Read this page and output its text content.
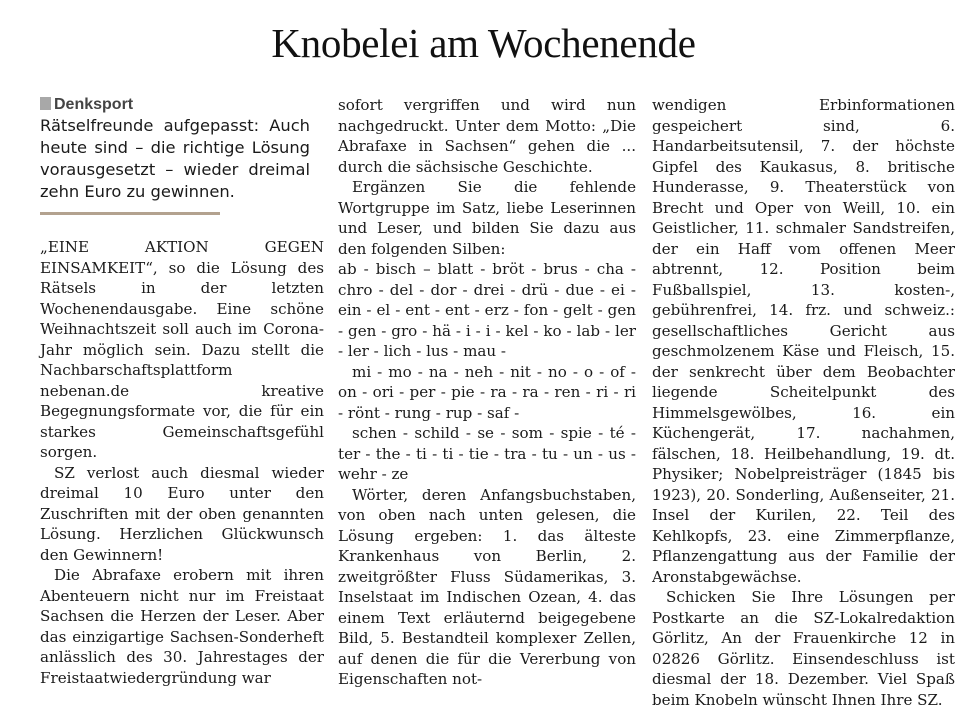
Knobelei am Wochenende
Denksport

Rätselfreunde aufgepasst: Auch heute sind – die richtige Lösung vorausgesetzt – wieder dreimal zehn Euro zu gewinnen.

„EINE AKTION GEGEN EINSAMKEIT“, so die Lösung des Rätsels in der letzten Wochenendausgabe. Eine schöne Weihnachtszeit soll auch im Corona-Jahr möglich sein. Dazu stellt die Nachbarschaftsplattform nebenan.de kreative Begegnungsformate vor, die für ein starkes Gemeinschaftsgefühl sorgen.

SZ verlost auch diesmal wieder dreimal 10 Euro unter den Zuschriften mit der oben genannten Lösung. Herzlichen Glückwunsch den Gewinnern!

Die Abrafaxe erobern mit ihren Abenteuern nicht nur im Freistaat Sachsen die Herzen der Leser. Aber das einzigartige Sachsen-Sonderheft anlässlich des 30. Jahrestages der Freistaatwiedergründung war

sofort vergriffen und wird nun nachgedruckt. Unter dem Motto: „Die Abrafaxe in Sachsen“ gehen die ... durch die sächsische Geschichte.

Ergänzen Sie die fehlende Wortgruppe im Satz, liebe Leserinnen und Leser, und bilden Sie dazu aus den folgenden Silben:

ab - bisch – blatt - bröt - brus - cha - chro - del - dor - drei - drü - due - ei - ein - el - ent - ent - erz - fon - gelt - gen - gen - gro - hä - i - i - kel - ko - lab - ler - ler - lich - lus - mau -

mi - mo - na - neh - nit - no - o - of - on - ori - per - pie - ra - ra - ren - ri - ri - rönt - rung - rup - saf -

schen - schild - se - som - spie - té - ter - the - ti - ti - tie - tra - tu - un - us - wehr - ze

Wörter, deren Anfangsbuchstaben, von oben nach unten gelesen, die Lösung ergeben: 1. das älteste Krankenhaus von Berlin, 2. zweitgrößter Fluss Südamerikas, 3. Inselstaat im Indischen Ozean, 4. das einem Text erläuternd beigegebene Bild, 5. Bestandteil komplexer Zellen, auf denen die für die Vererbung von Eigenschaften not-

wendigen Erbinformationen gespeichert sind, 6. Handarbeitsutensil, 7. der höchste Gipfel des Kaukasus, 8. britische Hunderasse, 9. Theaterstück von Brecht und Oper von Weill, 10. ein Geistlicher, 11. schmaler Sandstreifen, der ein Haff vom offenen Meer abtrennt, 12. Position beim Fußballspiel, 13. kosten-, gebührenfrei, 14. frz. und schweiz.: gesellschaftliches Gericht aus geschmolzenem Käse und Fleisch, 15. der senkrecht über dem Beobachter liegende Scheitelpunkt des Himmelsgewölbes, 16. ein Küchengerät, 17. nachahmen, fälschen, 18. Heilbehandlung, 19. dt. Physiker; Nobelpreisträger (1845 bis 1923), 20. Sonderling, Außenseiter, 21. Insel der Kurilen, 22. Teil des Kehlkopfs, 23. eine Zimmerpflanze, Pflanzengattung aus der Familie der Aronstabgewächse.

Schicken Sie Ihre Lösungen per Postkarte an die SZ-Lokalredaktion Görlitz, An der Frauenkirche 12 in 02826 Görlitz. Einsendeschluss ist diesmal der 18. Dezember. Viel Spaß beim Knobeln wünscht Ihnen Ihre SZ.
